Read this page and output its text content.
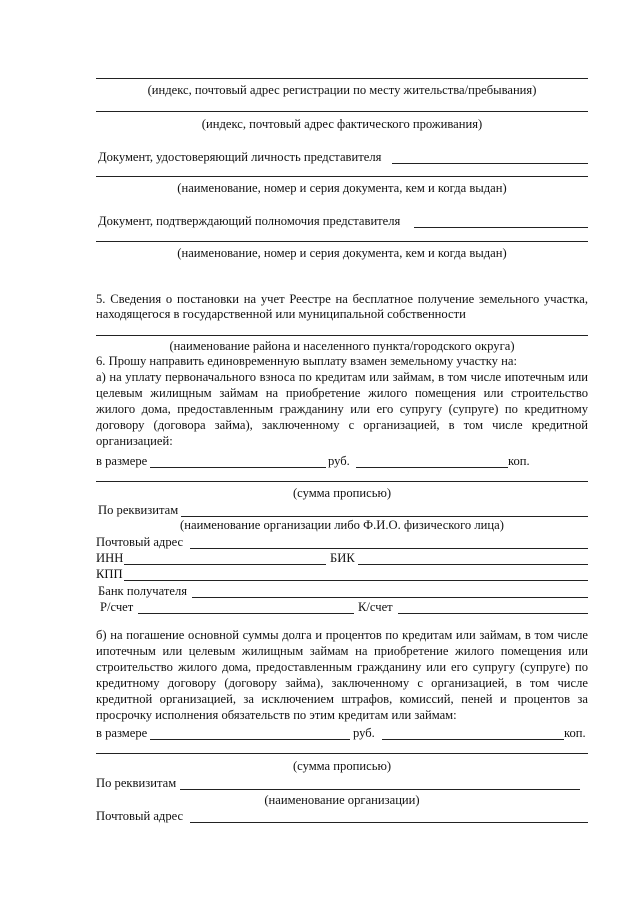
(индекс, почтовый адрес регистрации по месту жительства/пребывания)
(индекс, почтовый адрес фактического проживания)
Документ, удостоверяющий личность представителя
(наименование, номер и серия документа, кем и когда выдан)
Документ, подтверждающий полномочия представителя
(наименование, номер и серия документа, кем и когда выдан)
5. Сведения о постановки на учет Реестре на бесплатное получение земельного участка,
находящегося в государственной или муниципальной собственности
(наименование района и населенного пункта/городского округа)
6. Прошу направить единовременную выплату взамен земельному участку на:
а) на уплату первоначального взноса по кредитам или займам, в том числе ипотечным или
целевым жилищным займам на приобретение жилого помещения или строительство
жилого дома, предоставленным гражданину или его супругу (супруге) по кредитному
договору (договора займа), заключенному с организацией, в том числе кредитной
организацией:
в размере	руб.	коп.
(сумма прописью)
По реквизитам
(наименование организации либо Ф.И.О. физического лица)
Почтовый адрес
ИНН	БИК
КПП
Банк получателя
Р/счет	К/счет
б) на погашение основной суммы долга и процентов по кредитам или займам, в том числе
ипотечным или целевым жилищным займам на приобретение жилого помещения или
строительство жилого дома, предоставленным гражданину или его супругу (супруге) по
кредитному договору (договору займа), заключенному с организацией, в том числе
кредитной организацией, за исключением штрафов, комиссий, пеней и процентов за
просрочку исполнения обязательств по этим кредитам или займам:
в размере	руб.	коп.
(сумма прописью)
По реквизитам
(наименование организации)
Почтовый адрес
